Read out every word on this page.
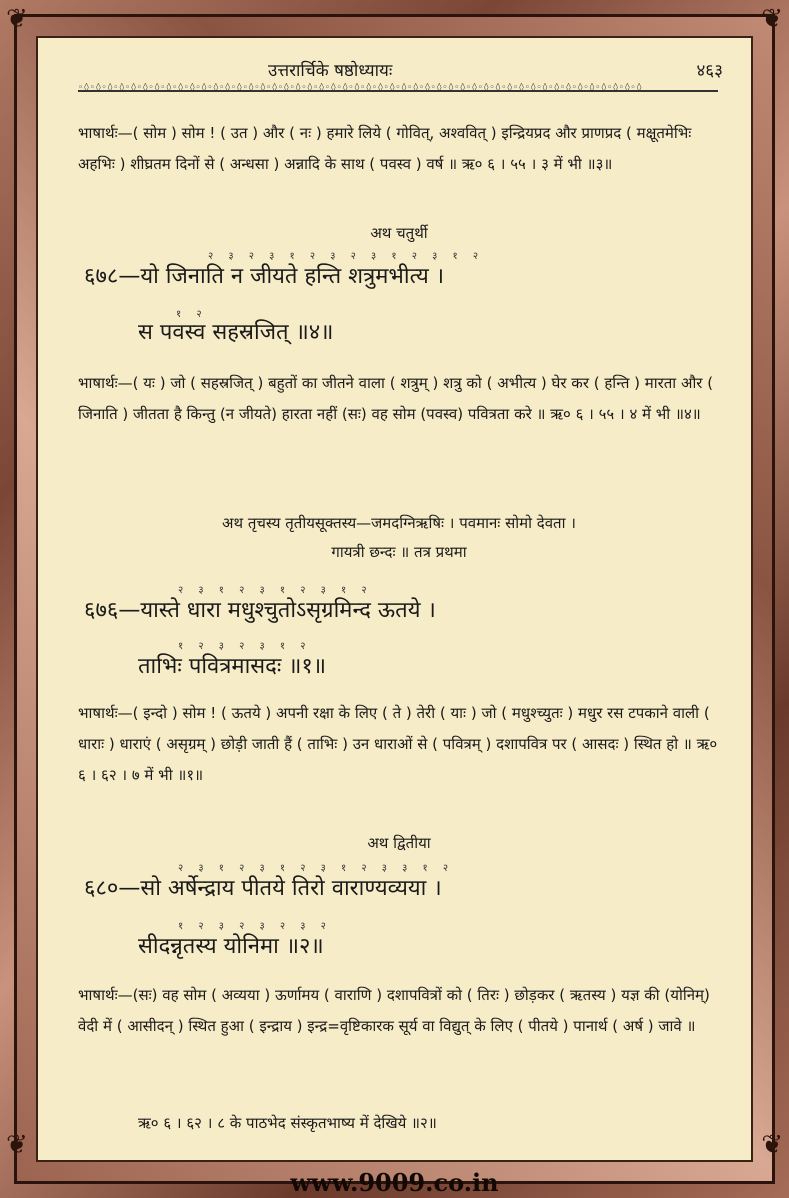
❦	❦
❦	❦
उत्तरार्चिके षष्ठोध्यायः	४६३
◦◊◦◊◦◊◦◊◦◊◦◊◦◊◦◊◦◊◦◊◦◊◦◊◦◊◦◊◦◊◦◊◦◊◦◊◦◊◦◊◦◊◦◊◦◊◦◊◦◊◦◊◦◊◦◊◦◊◦◊◦◊◦◊◦◊◦◊◦◊◦◊◦◊◦◊◦◊◦◊◦◊◦◊◦◊◦◊◦◊◦◊◦◊◦◊

भाषार्थः—( सोम ) सोम ! ( उत ) और ( नः ) हमारे लिये ( गोवित्, अश्ववित् ) इन्द्रियप्रद और प्राणप्रद ( मक्षूतमेभिः अहभिः ) शीघ्रतम दिनों से ( अन्धसा ) अन्नादि के साथ ( पवस्व ) वर्ष ॥ ऋ० ६ । ५५ । ३ में भी ॥३॥

अथ चतुर्थी

२ ३ २ ३ १ २ ३ २ ३ १ २ ३ १ २
६७८—यो जिनाति न जीयते हन्ति शत्रुमभीत्य ।
१ २
स पवस्व सहस्रजित् ॥४॥

भाषार्थः—( यः ) जो ( सहस्रजित् ) बहुतों का जीतने वाला ( शत्रुम् ) शत्रु को ( अभीत्य ) घेर कर ( हन्ति ) मारता और ( जिनाति ) जीतता है किन्तु (न जीयते) हारता नहीं (सः) वह सोम (पवस्व) पवित्रता करे ॥ ऋ० ६ । ५५ । ४ में भी ॥४॥

अथ तृचस्य तृतीयसूक्तस्य—जमदग्निऋषिः । पवमानः सोमो देवता ।

गायत्री छन्दः ॥ तत्र प्रथमा

२ ३ १ २ ३ १ २ ३ १ २
६७६—यास्ते धारा मधुश्चुतोऽसृग्रमिन्द ऊतये ।
१ २ ३ २ ३ १ २
ताभिः पवित्रमासदः ॥१॥

भाषार्थः—( इन्दो ) सोम ! ( ऊतये ) अपनी रक्षा के लिए ( ते ) तेरी ( याः ) जो ( मधुश्च्युतः ) मधुर रस टपकाने वाली ( धाराः ) धाराएं ( असृग्रम् ) छोड़ी जाती हैं ( ताभिः ) उन धाराओं से ( पवित्रम् ) दशापवित्र पर ( आसदः ) स्थित हो ॥ ऋ० ६ । ६२ । ७ में भी ॥१॥

अथ द्वितीया

२ ३ १ २ ३ १ २ ३ १ २ ३ ३ १ २
६८०—सो अर्षेन्द्राय पीतये तिरो वाराण्यव्यया ।
१ २ ३ २ ३ २ ३ २
सीदन्नृतस्य योनिमा ॥२॥

भाषार्थः—(सः) वह सोम ( अव्यया ) ऊर्णामय ( वाराणि ) दशापवित्रों को ( तिरः ) छोड़कर ( ऋतस्य ) यज्ञ की (योनिम्) वेदी में ( आसीदन् ) स्थित हुआ ( इन्द्राय ) इन्द्र=वृष्टिकारक सूर्य वा विद्युत् के लिए ( पीतये ) पानार्थ ( अर्ष ) जावे ॥

ऋ० ६ । ६२ । ८ के पाठभेद संस्कृतभाष्य में देखिये ॥२॥

www.9009.co.in
